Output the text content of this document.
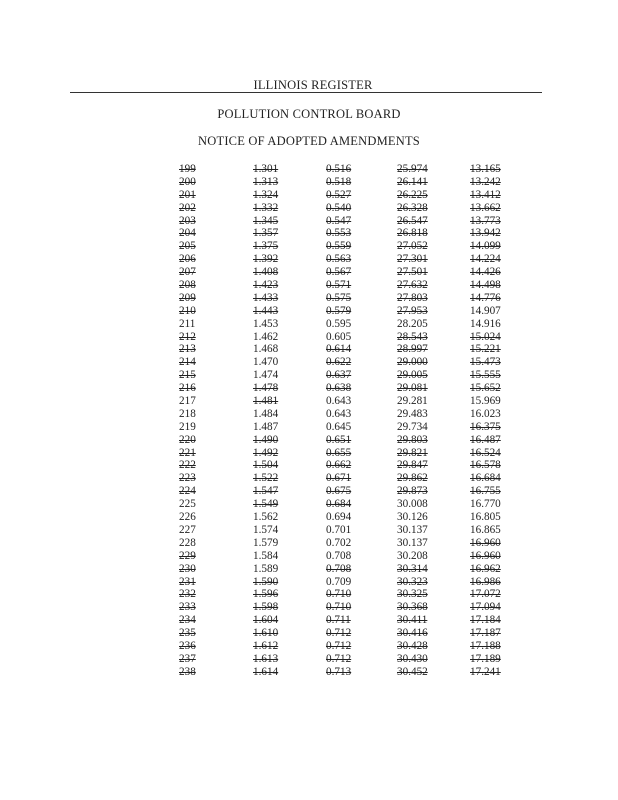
ILLINOIS REGISTER
POLLUTION CONTROL BOARD
NOTICE OF ADOPTED AMENDMENTS
199	1.301	0.516	25.974	13.165
200	1.313	0.518	26.141	13.242
201	1.324	0.527	26.225	13.412
202	1.332	0.540	26.328	13.662
203	1.345	0.547	26.547	13.773
204	1.357	0.553	26.818	13.942
205	1.375	0.559	27.052	14.099
206	1.392	0.563	27.301	14.224
207	1.408	0.567	27.501	14.426
208	1.423	0.571	27.632	14.498
209	1.433	0.575	27.803	14.776
210	1.443	0.579	27.953	14.907
211	1.453	0.595	28.205	14.916
212	1.462	0.605	28.543	15.024
213	1.468	0.614	28.997	15.221
214	1.470	0.622	29.000	15.473
215	1.474	0.637	29.005	15.555
216	1.478	0.638	29.081	15.652
217	1.481	0.643	29.281	15.969
218	1.484	0.643	29.483	16.023
219	1.487	0.645	29.734	16.375
220	1.490	0.651	29.803	16.487
221	1.492	0.655	29.821	16.524
222	1.504	0.662	29.847	16.578
223	1.522	0.671	29.862	16.684
224	1.547	0.675	29.873	16.755
225	1.549	0.684	30.008	16.770
226	1.562	0.694	30.126	16.805
227	1.574	0.701	30.137	16.865
228	1.579	0.702	30.137	16.960
229	1.584	0.708	30.208	16.960
230	1.589	0.708	30.314	16.962
231	1.590	0.709	30.323	16.986
232	1.596	0.710	30.325	17.072
233	1.598	0.710	30.368	17.094
234	1.604	0.711	30.411	17.184
235	1.610	0.712	30.416	17.187
236	1.612	0.712	30.428	17.188
237	1.613	0.712	30.430	17.189
238	1.614	0.713	30.452	17.241
